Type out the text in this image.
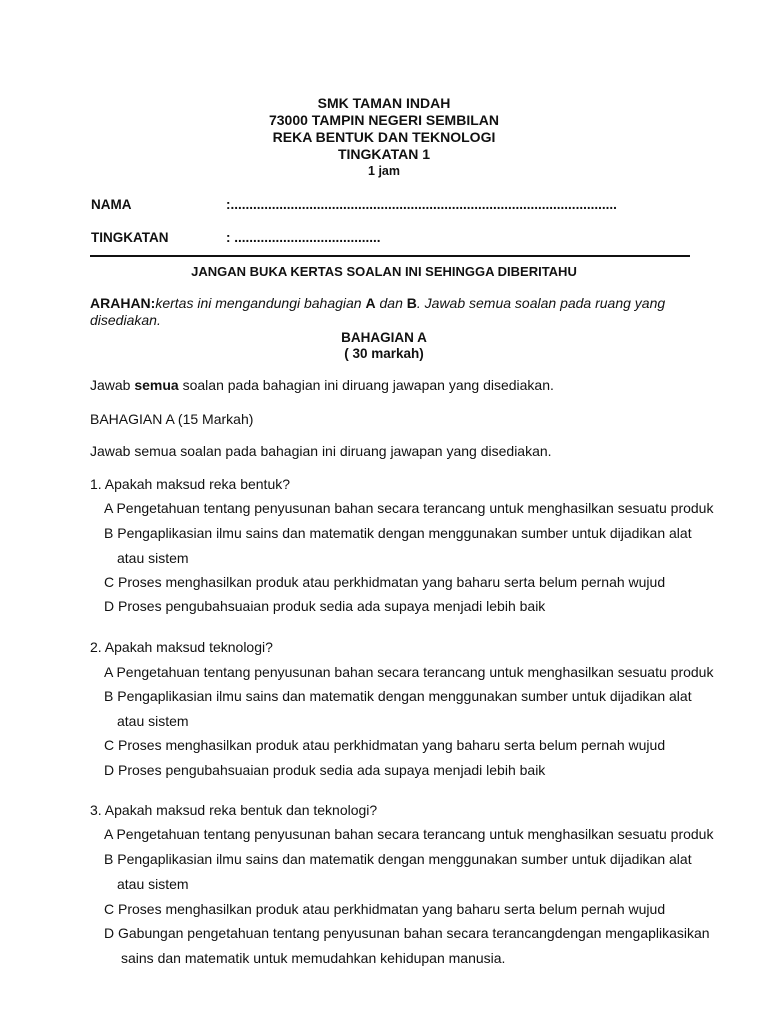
SMK TAMAN INDAH
73000 TAMPIN NEGERI SEMBILAN
REKA BENTUK DAN TEKNOLOGI
TINGKATAN 1
1 jam
NAMA	:.......................................................................................................
TINGKATAN	: .......................................
JANGAN BUKA KERTAS SOALAN INI SEHINGGA DIBERITAHU
ARAHAN:kertas ini mengandungi bahagian A dan B. Jawab semua soalan pada ruang yang disediakan.
BAHAGIAN A
( 30 markah)
Jawab semua soalan pada bahagian ini diruang jawapan yang disediakan.
BAHAGIAN A (15 Markah)
Jawab semua soalan pada bahagian ini diruang jawapan yang disediakan.
1. Apakah maksud reka bentuk?
A Pengetahuan tentang penyusunan bahan secara terancang untuk menghasilkan sesuatu produk
B Pengaplikasian ilmu sains dan matematik dengan menggunakan sumber untuk dijadikan alat
atau sistem
C Proses menghasilkan produk atau perkhidmatan yang baharu serta belum pernah wujud
D Proses pengubahsuaian produk sedia ada supaya menjadi lebih baik
2. Apakah maksud teknologi?
A Pengetahuan tentang penyusunan bahan secara terancang untuk menghasilkan sesuatu produk
B Pengaplikasian ilmu sains dan matematik dengan menggunakan sumber untuk dijadikan alat
atau sistem
C Proses menghasilkan produk atau perkhidmatan yang baharu serta belum pernah wujud
D Proses pengubahsuaian produk sedia ada supaya menjadi lebih baik
3. Apakah maksud reka bentuk dan teknologi?
A Pengetahuan tentang penyusunan bahan secara terancang untuk menghasilkan sesuatu produk
B Pengaplikasian ilmu sains dan matematik dengan menggunakan sumber untuk dijadikan alat
atau sistem
C Proses menghasilkan produk atau perkhidmatan yang baharu serta belum pernah wujud
D Gabungan pengetahuan tentang penyusunan bahan secara terancangdengan mengaplikasikan
sains dan matematik untuk memudahkan kehidupan manusia.
